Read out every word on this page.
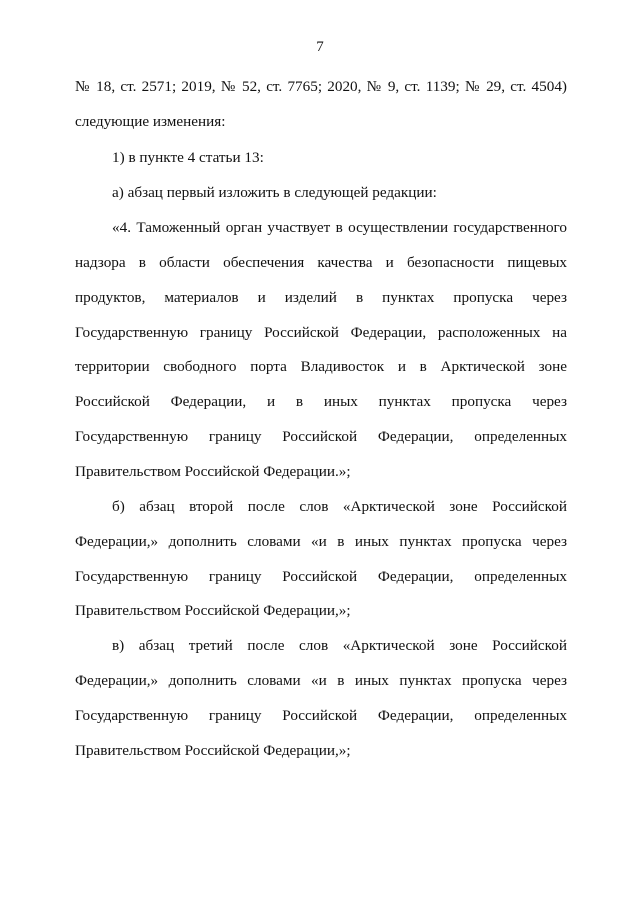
7
№ 18, ст. 2571; 2019, № 52, ст. 7765; 2020, № 9, ст. 1139; № 29, ст. 4504)
следующие изменения:
1) в пункте 4 статьи 13:
а) абзац первый изложить в следующей редакции:
«4. Таможенный орган участвует в осуществлении государственного
надзора в области обеспечения качества и безопасности пищевых
продуктов, материалов и изделий в пунктах пропуска через
Государственную границу Российской Федерации, расположенных на
территории свободного порта Владивосток и в Арктической зоне
Российской Федерации, и в иных пунктах пропуска через
Государственную границу Российской Федерации, определенных
Правительством Российской Федерации.»;
б) абзац второй после слов «Арктической зоне Российской
Федерации,» дополнить словами «и в иных пунктах пропуска через
Государственную границу Российской Федерации, определенных
Правительством Российской Федерации,»;
в) абзац третий после слов «Арктической зоне Российской
Федерации,» дополнить словами «и в иных пунктах пропуска через
Государственную границу Российской Федерации, определенных
Правительством Российской Федерации,»;
